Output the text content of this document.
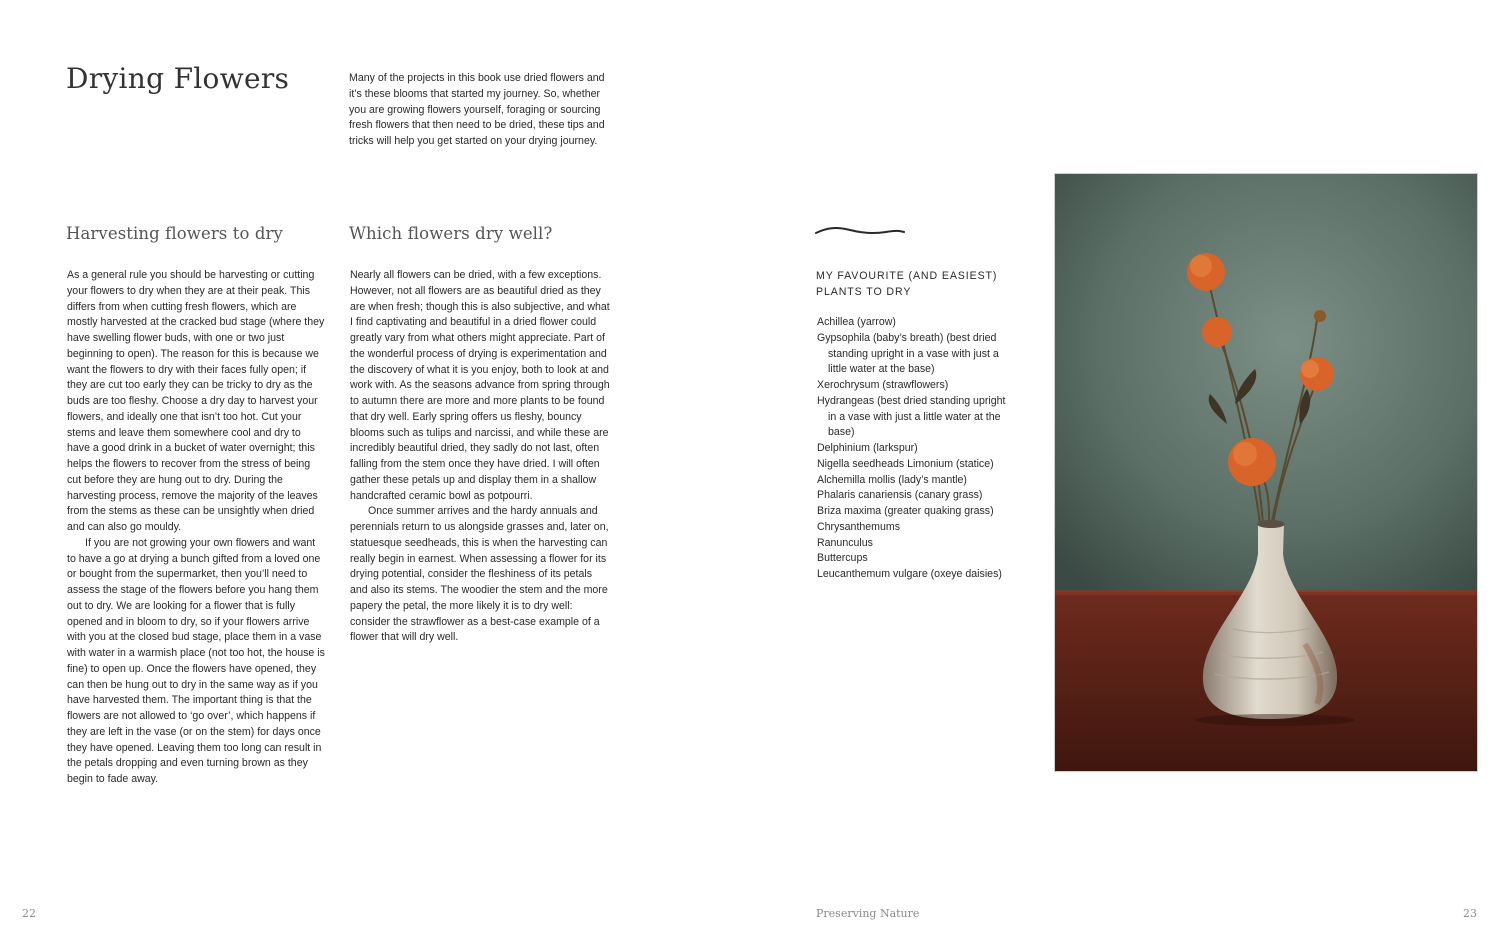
Drying Flowers	Many of the projects in this book use dried flowers and it’s these blooms that started my journey. So, whether you are growing flowers yourself, foraging or sourcing fresh flowers that then need to be dried, these tips and tricks will help you get started on your drying journey.

Harvesting flowers to dry

As a general rule you should be harvesting or cutting your flowers to dry when they are at their peak. This differs from when cutting fresh flowers, which are mostly harvested at the cracked bud stage (where they have swelling flower buds, with one or two just beginning to open). The reason for this is because we want the flowers to dry with their faces fully open; if they are cut too early they can be tricky to dry as the buds are too fleshy. Choose a dry day to harvest your flowers, and ideally one that isn’t too hot. Cut your stems and leave them somewhere cool and dry to have a good drink in a bucket of water overnight; this helps the flowers to recover from the stress of being cut before they are hung out to dry. During the harvesting process, remove the majority of the leaves from the stems as these can be unsightly when dried and can also go mouldy.

If you are not growing your own flowers and want to have a go at drying a bunch gifted from a loved one or bought from the supermarket, then you’ll need to assess the stage of the flowers before you hang them out to dry. We are looking for a flower that is fully opened and in bloom to dry, so if your flowers arrive with you at the closed bud stage, place them in a vase with water in a warmish place (not too hot, the house is fine) to open up. Once the flowers have opened, they can then be hung out to dry in the same way as if you have harvested them. The important thing is that the flowers are not allowed to ‘go over’, which happens if they are left in the vase (or on the stem) for days once they have opened. Leaving them too long can result in the petals dropping and even turning brown as they begin to fade away.

Which flowers dry well?

Nearly all flowers can be dried, with a few exceptions. However, not all flowers are as beautiful dried as they are when fresh; though this is also subjective, and what I find captivating and beautiful in a dried flower could greatly vary from what others might appreciate. Part of the wonderful process of drying is experimentation and the discovery of what it is you enjoy, both to look at and work with. As the seasons advance from spring through to autumn there are more and more plants to be found that dry well. Early spring offers us fleshy, bouncy blooms such as tulips and narcissi, and while these are incredibly beautiful dried, they sadly do not last, often falling from the stem once they have dried. I will often gather these petals up and display them in a shallow handcrafted ceramic bowl as potpourri.

Once summer arrives and the hardy annuals and perennials return to us alongside grasses and, later on, statuesque seedheads, this is when the harvesting can really begin in earnest. When assessing a flower for its drying potential, consider the fleshiness of its petals and also its stems. The woodier the stem and the more papery the petal, the more likely it is to dry well: consider the strawflower as a best-case example of a flower that will dry well.

MY FAVOURITE (AND EASIEST)
PLANTS TO DRY
Achillea (yarrow)
Gypsophila (baby’s breath) (best dried standing upright in a vase with just a little water at the base)
Xerochrysum (strawflowers)
Hydrangeas (best dried standing upright in a vase with just a little water at the base)
Delphinium (larkspur)
Nigella seedheads Limonium (statice)
Alchemilla mollis (lady’s mantle)
Phalaris canariensis (canary grass)
Briza maxima (greater quaking grass)
Chrysanthemums
Ranunculus
Buttercups
Leucanthemum vulgare (oxeye daisies)
22	Preserving Nature	23
